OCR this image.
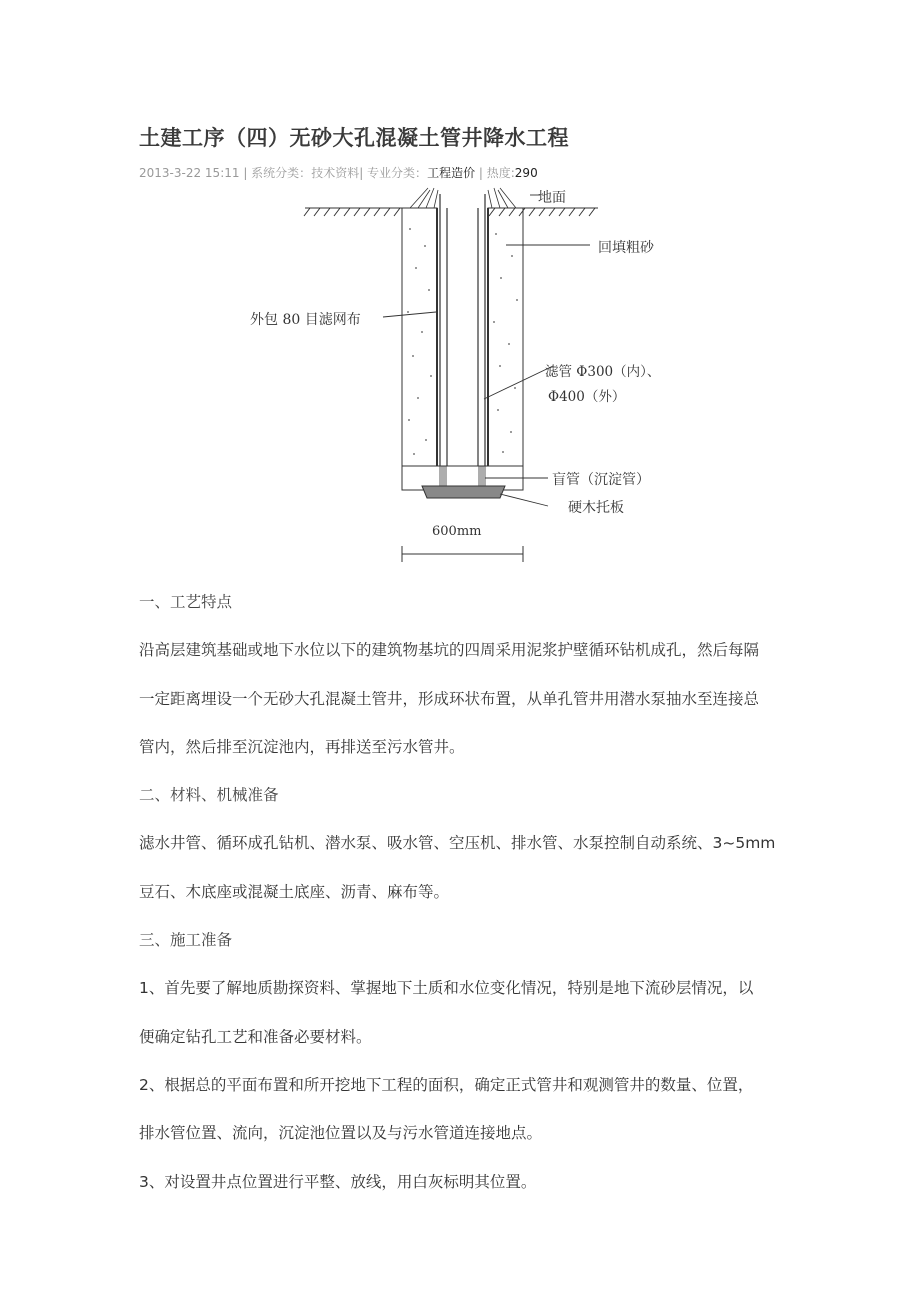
土建工序（四）无砂大孔混凝土管井降水工程
2013-3-22 15:11 | 系统分类：技术资料| 专业分类：工程造价 | 热度:290
地面
回填粗砂
外包 80 目滤网布
滤管 Φ300（内）、
Φ400（外）
盲管（沉淀管）
硬木托板
600mm

一、工艺特点

沿高层建筑基础或地下水位以下的建筑物基坑的四周采用泥浆护壁循环钻机成孔，然后每隔

一定距离埋设一个无砂大孔混凝土管井，形成环状布置，从单孔管井用潜水泵抽水至连接总

管内，然后排至沉淀池内，再排送至污水管井。

二、材料、机械准备

滤水井管、循环成孔钻机、潜水泵、吸水管、空压机、排水管、水泵控制自动系统、3~5mm

豆石、木底座或混凝土底座、沥青、麻布等。

三、施工准备

1、首先要了解地质勘探资料、掌握地下土质和水位变化情况，特别是地下流砂层情况，以

便确定钻孔工艺和准备必要材料。

2、根据总的平面布置和所开挖地下工程的面积，确定正式管井和观测管井的数量、位置，

排水管位置、流向，沉淀池位置以及与污水管道连接地点。

3、对设置井点位置进行平整、放线，用白灰标明其位置。
